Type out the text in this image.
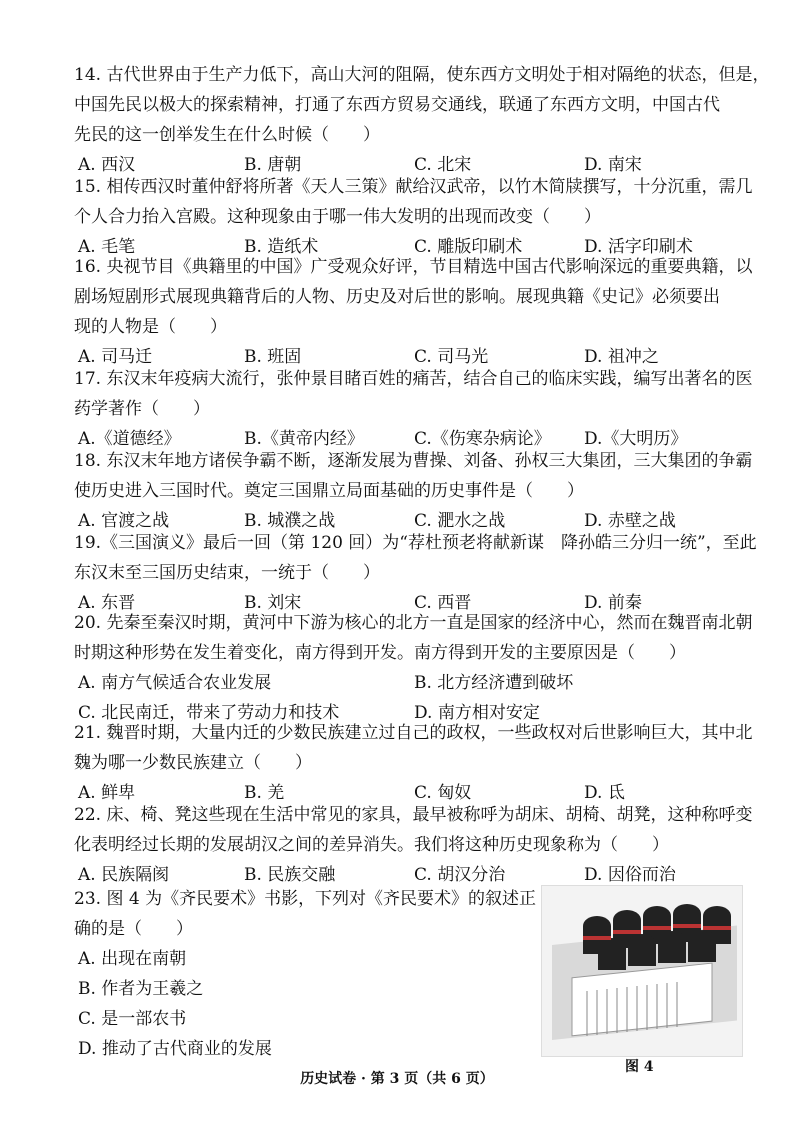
14. 古代世界由于生产力低下，高山大河的阻隔，使东西方文明处于相对隔绝的状态，但是，
中国先民以极大的探索精神，打通了东西方贸易交通线，联通了东西方文明，中国古代
先民的这一创举发生在什么时候（　　）
A. 西汉	B. 唐朝	C. 北宋	D. 南宋
15. 相传西汉时董仲舒将所著《天人三策》献给汉武帝，以竹木简牍撰写，十分沉重，需几
个人合力抬入宫殿。这种现象由于哪一伟大发明的出现而改变（　　）
A. 毛笔	B. 造纸术	C. 雕版印刷术	D. 活字印刷术
16. 央视节目《典籍里的中国》广受观众好评，节目精选中国古代影响深远的重要典籍，以
剧场短剧形式展现典籍背后的人物、历史及对后世的影响。展现典籍《史记》必须要出
现的人物是（　　）
A. 司马迁	B. 班固	C. 司马光	D. 祖冲之
17. 东汉末年疫病大流行，张仲景目睹百姓的痛苦，结合自己的临床实践，编写出著名的医
药学著作（　　）
A.《道德经》	B.《黄帝内经》	C.《伤寒杂病论》 D.《大明历》
18. 东汉末年地方诸侯争霸不断，逐渐发展为曹操、刘备、孙权三大集团，三大集团的争霸
使历史进入三国时代。奠定三国鼎立局面基础的历史事件是（　　）
A. 官渡之战	B. 城濮之战	C. 淝水之战	D. 赤壁之战
19.《三国演义》最后一回（第 120 回）为“荐杜预老将献新谋　降孙皓三分归一统”，至此
东汉末至三国历史结束，一统于（　　）
A. 东晋	B. 刘宋	C. 西晋	D. 前秦
20. 先秦至秦汉时期，黄河中下游为核心的北方一直是国家的经济中心，然而在魏晋南北朝
时期这种形势在发生着变化，南方得到开发。南方得到开发的主要原因是（　　）
A. 南方气候适合农业发展	B. 北方经济遭到破坏
C. 北民南迁，带来了劳动力和技术	D. 南方相对安定
21. 魏晋时期，大量内迁的少数民族建立过自己的政权，一些政权对后世影响巨大，其中北
魏为哪一少数民族建立（　　）
A. 鲜卑	B. 羌	C. 匈奴	D. 氐
22. 床、椅、凳这些现在生活中常见的家具，最早被称呼为胡床、胡椅、胡凳，这种称呼变
化表明经过长期的发展胡汉之间的差异消失。我们将这种历史现象称为（　　）
A. 民族隔阂	B. 民族交融	C. 胡汉分治	D. 因俗而治
23. 图 4 为《齐民要术》书影，下列对《齐民要术》的叙述正
确的是（　　）
A. 出现在南朝
B. 作者为王羲之
C. 是一部农书
D. 推动了古代商业的发展
图 4
历史试卷 · 第 3 页（共 6 页）
